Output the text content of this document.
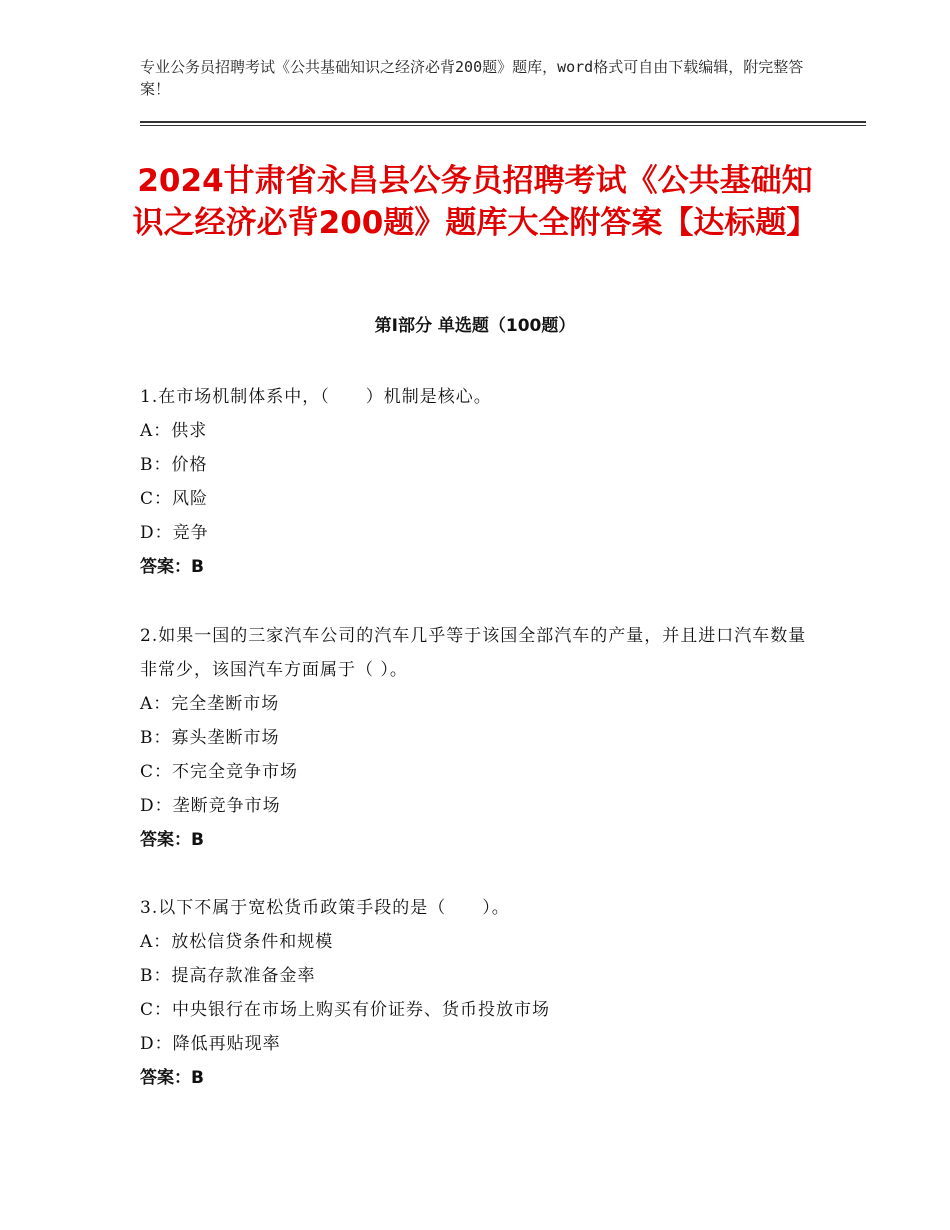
专业公务员招聘考试《公共基础知识之经济必背200题》题库，word格式可自由下载编辑，附完整答案！
2024甘肃省永昌县公务员招聘考试《公共基础知识之经济必背200题》题库大全附答案【达标题】
第I部分 单选题（100题）
1.在市场机制体系中，（　　）机制是核心。
A：供求
B：价格
C：风险
D：竞争
答案：B
2.如果一国的三家汽车公司的汽车几乎等于该国全部汽车的产量，并且进口汽车数量非常少，该国汽车方面属于（ ）。
A：完全垄断市场
B：寡头垄断市场
C：不完全竞争市场
D：垄断竞争市场
答案：B
3.以下不属于宽松货币政策手段的是（　　）。
A：放松信贷条件和规模
B：提高存款准备金率
C：中央银行在市场上购买有价证券、货币投放市场
D：降低再贴现率
答案：B
